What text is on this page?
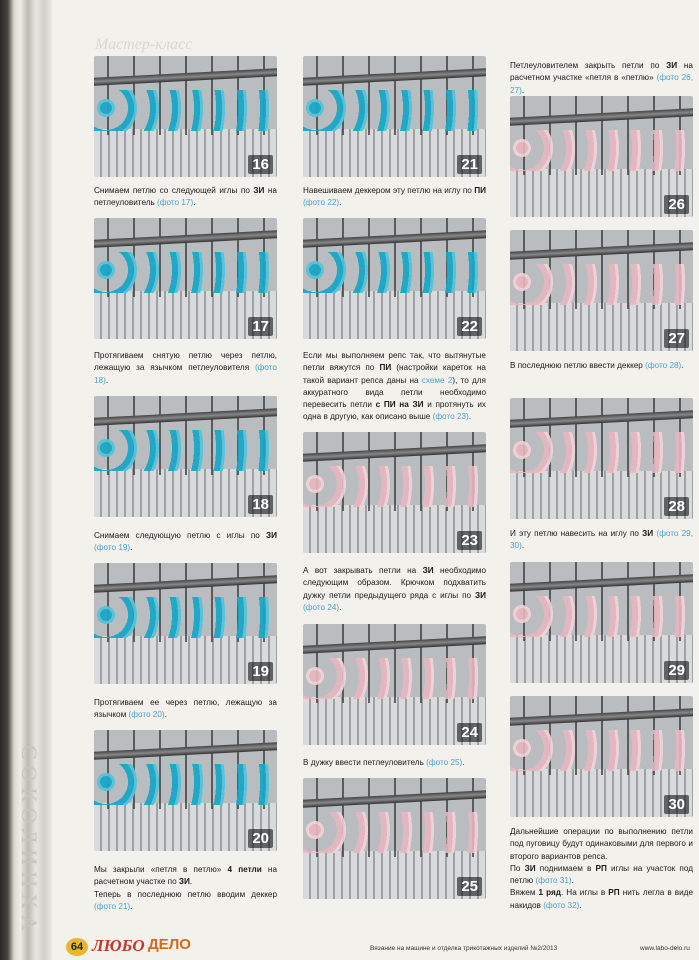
СОКОЛИНХА
Мастер-класс
16
Снимаем петлю со следующей иглы по ЗИ на петлеуловитель (фото 17).
17
Протягиваем снятую петлю через петлю, лежащую за язычком петлеуловителя (фото 18).
18
Снимаем следующую петлю с иглы по ЗИ (фото 19).
19
Протягиваем ее через петлю, лежащую за язычком (фото 20).
20
Мы закрыли «петля в петлю» 4 петли на расчетном участке по ЗИ.
Теперь в последнюю петлю вводим деккер (фото 21).
21
Навешиваем деккером эту петлю на иглу по ПИ (фото 22).
22
Если мы выполняем репс так, что вытянутые петли вяжутся по ПИ (настройки кареток на такой вариант репса даны на схеме 2), то для аккуратного вида петли необходимо перевесить петли с ПИ на ЗИ и протянуть их одна в другую, как описано выше (фото 23).
23
А вот закрывать петли на ЗИ необходимо следующим образом. Крючком подхватить дужку петли предыдущего ряда с иглы по ЗИ (фото 24).
24
В дужку ввести петлеуловитель (фото 25).
25
Петлеуловителем закрыть петли по ЗИ на расчетном участке «петля в «петлю» (фото 26, 27).
26
27
В последнюю петлю ввести деккер (фото 28).
28
И эту петлю навесить на иглу по ЗИ (фото 29, 30).
29
30
Дальнейшие операции по выполнению петли под пуговицу будут одинаковыми для первого и второго вариантов репса.
По ЗИ поднимаем в РП иглы на участок под петлю (фото 31).
Вяжем 1 ряд. На иглы в РП нить легла в виде накидов (фото 32).
64 ЛЮБО ДЕЛО	Вязание на машине и отделка трикотажных изделий №2/2013	www.labo-delo.ru
